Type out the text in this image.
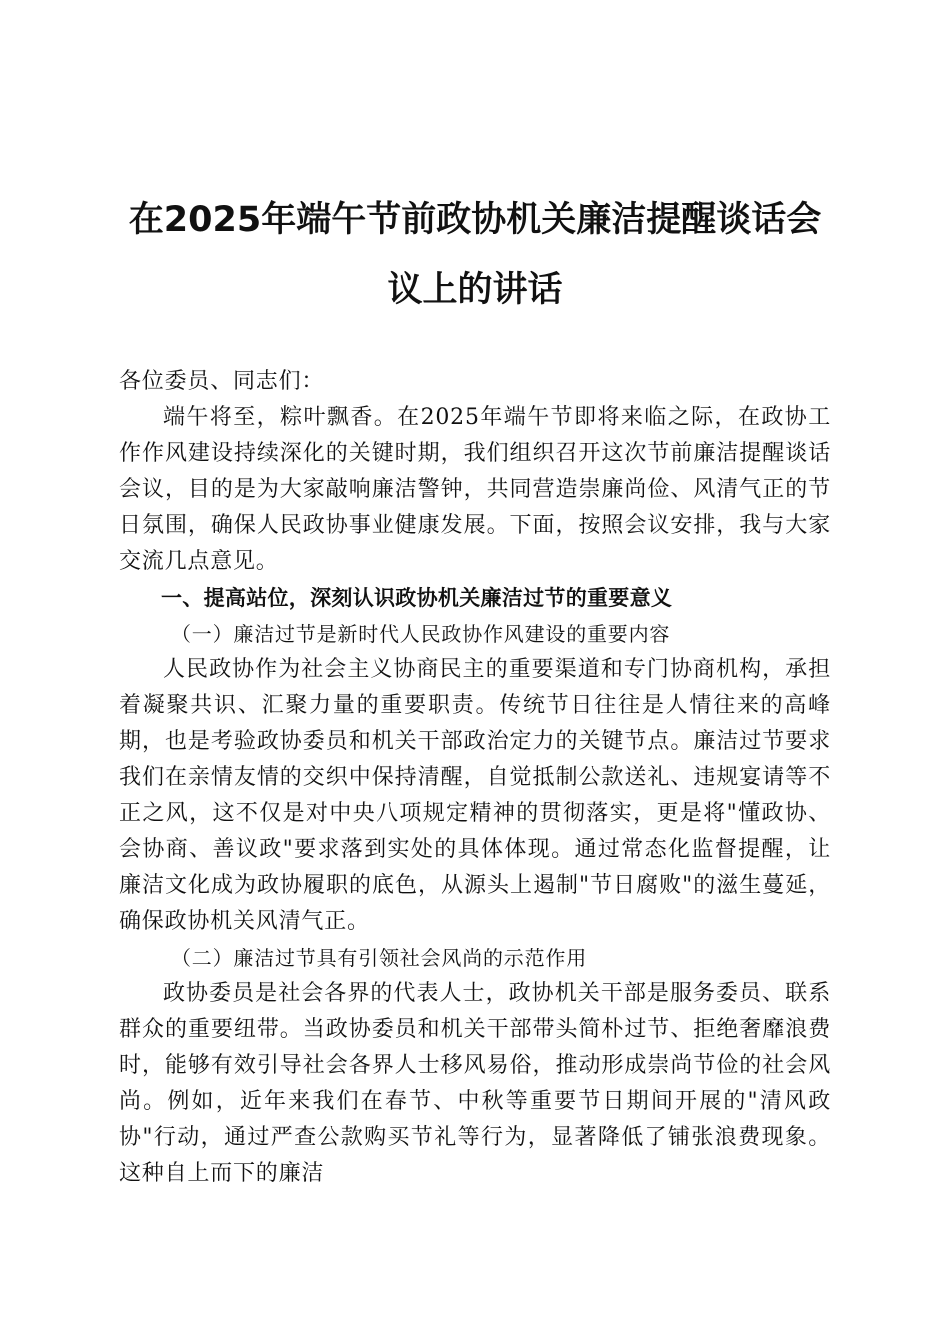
在2025年端午节前政协机关廉洁提醒谈话会
议上的讲话

各位委员、同志们：

端午将至，粽叶飘香。在2025年端午节即将来临之际，在政协工作作风建设持续深化的关键时期，我们组织召开这次节前廉洁提醒谈话会议，目的是为大家敲响廉洁警钟，共同营造崇廉尚俭、风清气正的节日氛围，确保人民政协事业健康发展。下面，按照会议安排，我与大家交流几点意见。

一、提高站位，深刻认识政协机关廉洁过节的重要意义

（一）廉洁过节是新时代人民政协作风建设的重要内容

人民政协作为社会主义协商民主的重要渠道和专门协商机构，承担着凝聚共识、汇聚力量的重要职责。传统节日往往是人情往来的高峰期，也是考验政协委员和机关干部政治定力的关键节点。廉洁过节要求我们在亲情友情的交织中保持清醒，自觉抵制公款送礼、违规宴请等不正之风，这不仅是对中央八项规定精神的贯彻落实，更是将"懂政协、会协商、善议政"要求落到实处的具体体现。通过常态化监督提醒，让廉洁文化成为政协履职的底色，从源头上遏制"节日腐败"的滋生蔓延，确保政协机关风清气正。

（二）廉洁过节具有引领社会风尚的示范作用

政协委员是社会各界的代表人士，政协机关干部是服务委员、联系群众的重要纽带。当政协委员和机关干部带头简朴过节、拒绝奢靡浪费时，能够有效引导社会各界人士移风易俗，推动形成崇尚节俭的社会风尚。例如，近年来我们在春节、中秋等重要节日期间开展的"清风政协"行动，通过严查公款购买节礼等行为，显著降低了铺张浪费现象。这种自上而下的廉洁
